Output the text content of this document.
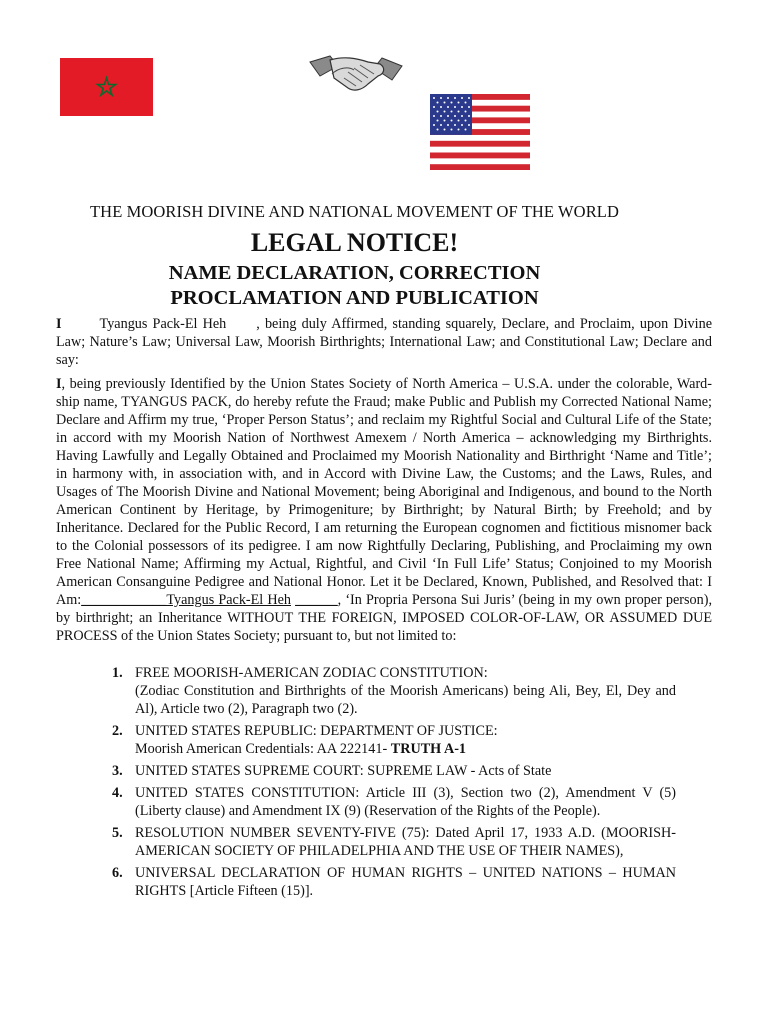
THE MOORISH DIVINE AND NATIONAL MOVEMENT OF THE WORLD
LEGAL NOTICE!
NAME DECLARATION, CORRECTION
PROCLAMATION AND PUBLICATION
I	Tyangus Pack-El Heh , being duly Affirmed, standing squarely, Declare, and Proclaim, upon Divine Law; Nature’s Law; Universal Law, Moorish Birthrights; International Law; and Constitutional Law; Declare and say:
I, being previously Identified by the Union States Society of North America – U.S.A. under the colorable, Ward-ship name, TYANGUS PACK, do hereby refute the Fraud; make Public and Publish my Corrected National Name; Declare and Affirm my true, ‘Proper Person Status’; and reclaim my Rightful Social and Cultural Life of the State; in accord with my Moorish Nation of Northwest Amexem / North America – acknowledging my Birthrights. Having Lawfully and Legally Obtained and Proclaimed my Moorish Nationality and Birthright ‘Name and Title’; in harmony with, in association with, and in Accord with Divine Law, the Customs; and the Laws, Rules, and Usages of The Moorish Divine and National Movement; being Aboriginal and Indigenous, and bound to the North American Continent by Heritage, by Primogeniture; by Birthright; by Natural Birth; by Freehold; and by Inheritance. Declared for the Public Record, I am returning the European cognomen and fictitious misnomer back to the Colonial possessors of its pedigree. I am now Rightfully Declaring, Publishing, and Proclaiming my own Free National Name; Affirming my Actual, Rightful, and Civil ‘In Full Life’ Status; Conjoined to my Moorish American Consanguine Pedigree and National Honor. Let it be Declared, Known, Published, and Resolved that: I Am:____________Tyangus Pack-El Heh ______, ‘In Propria Persona Sui Juris’ (being in my own proper person), by birthright; an Inheritance WITHOUT THE FOREIGN, IMPOSED COLOR-OF-LAW, OR ASSUMED DUE PROCESS of the Union States Society; pursuant to, but not limited to:
1. FREE MOORISH-AMERICAN ZODIAC CONSTITUTION:
(Zodiac Constitution and Birthrights of the Moorish Americans) being Ali, Bey, El, Dey and Al), Article two (2), Paragraph two (2).
2. UNITED STATES REPUBLIC: DEPARTMENT OF JUSTICE:
Moorish American Credentials: AA 222141- TRUTH A-1
3. UNITED STATES SUPREME COURT: SUPREME LAW - Acts of State
4. UNITED STATES CONSTITUTION: Article III (3), Section two (2), Amendment V (5) (Liberty clause) and Amendment IX (9) (Reservation of the Rights of the People).
5. RESOLUTION NUMBER SEVENTY-FIVE (75): Dated April 17, 1933 A.D. (MOORISH-AMERICAN SOCIETY OF PHILADELPHIA AND THE USE OF THEIR NAMES),
6. UNIVERSAL DECLARATION OF HUMAN RIGHTS – UNITED NATIONS – HUMAN RIGHTS [Article Fifteen (15)].
